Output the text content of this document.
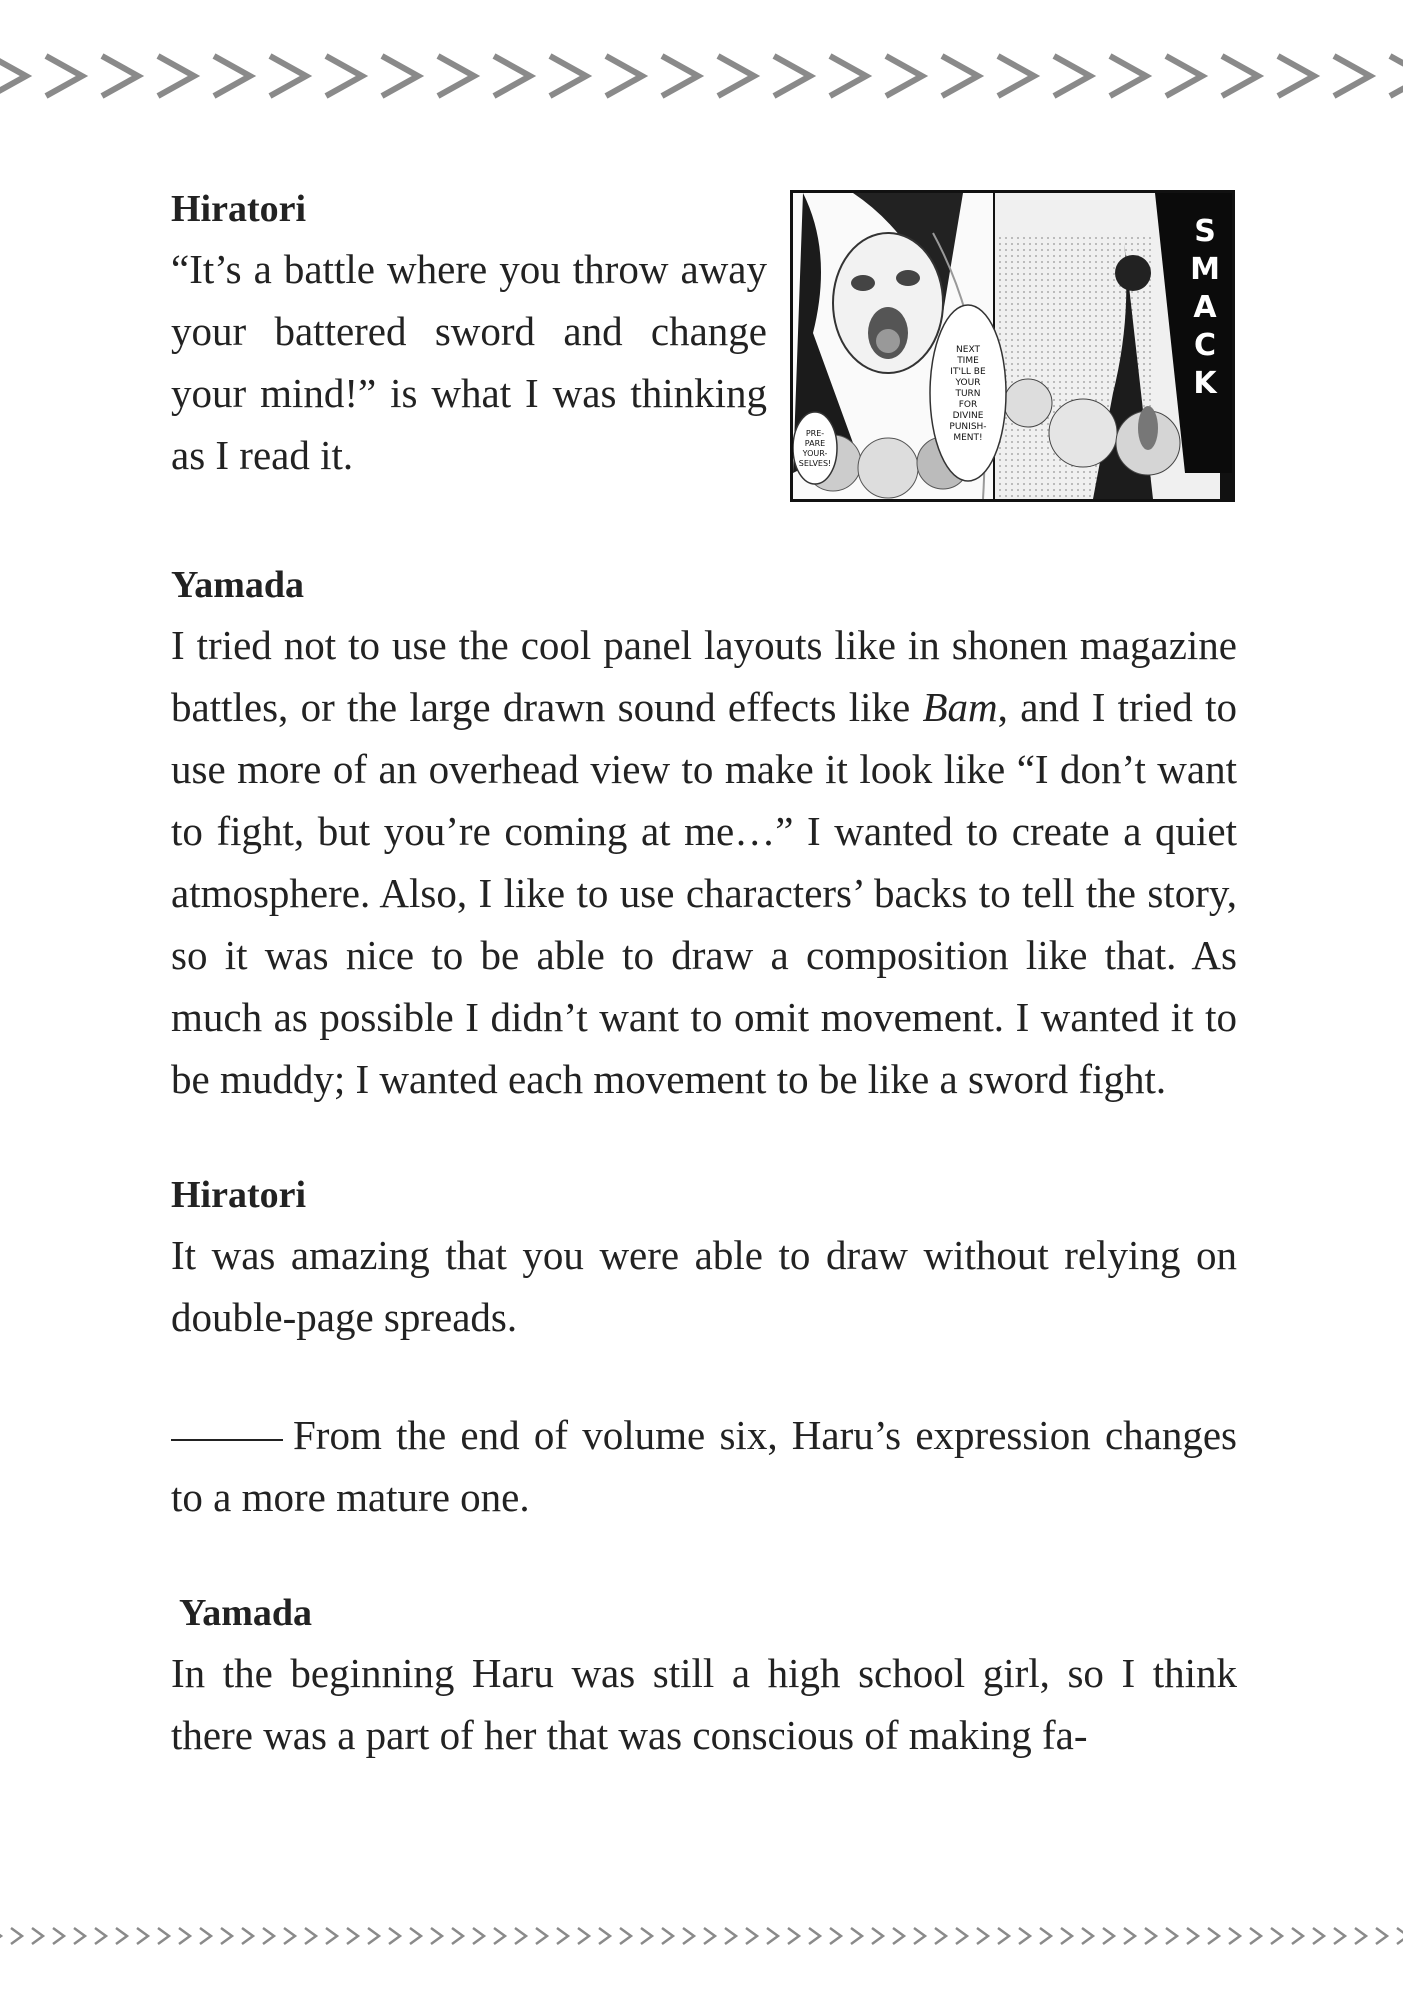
S
M
A
C
K
NEXT
TIME
IT'LL BE
YOUR
TURN
FOR
DIVINE
PUNISH-
MENT!
PRE-
PARE
YOUR-
SELVES!
Hiratori

“It’s a battle where you throw away your battered sword and change your mind!” is what I was thinking as I read it.

Yamada

I tried not to use the cool panel layouts like in shonen magazine battles, or the large drawn sound effects like Bam, and I tried to use more of an overhead view to make it look like “I don’t want to fight, but you’re coming at me…” I wanted to create a quiet atmosphere. Also, I like to use characters’ backs to tell the story, so it was nice to be able to draw a composition like that. As much as possible I didn’t want to omit movement. I wanted it to be muddy; I wanted each movement to be like a sword fight.

Hiratori

It was amazing that you were able to draw without relying on double-page spreads.

From the end of volume six, Haru’s expression changes to a more mature one.

Yamada

In the beginning Haru was still a high school girl, so I think there was a part of her that was conscious of making fa-
